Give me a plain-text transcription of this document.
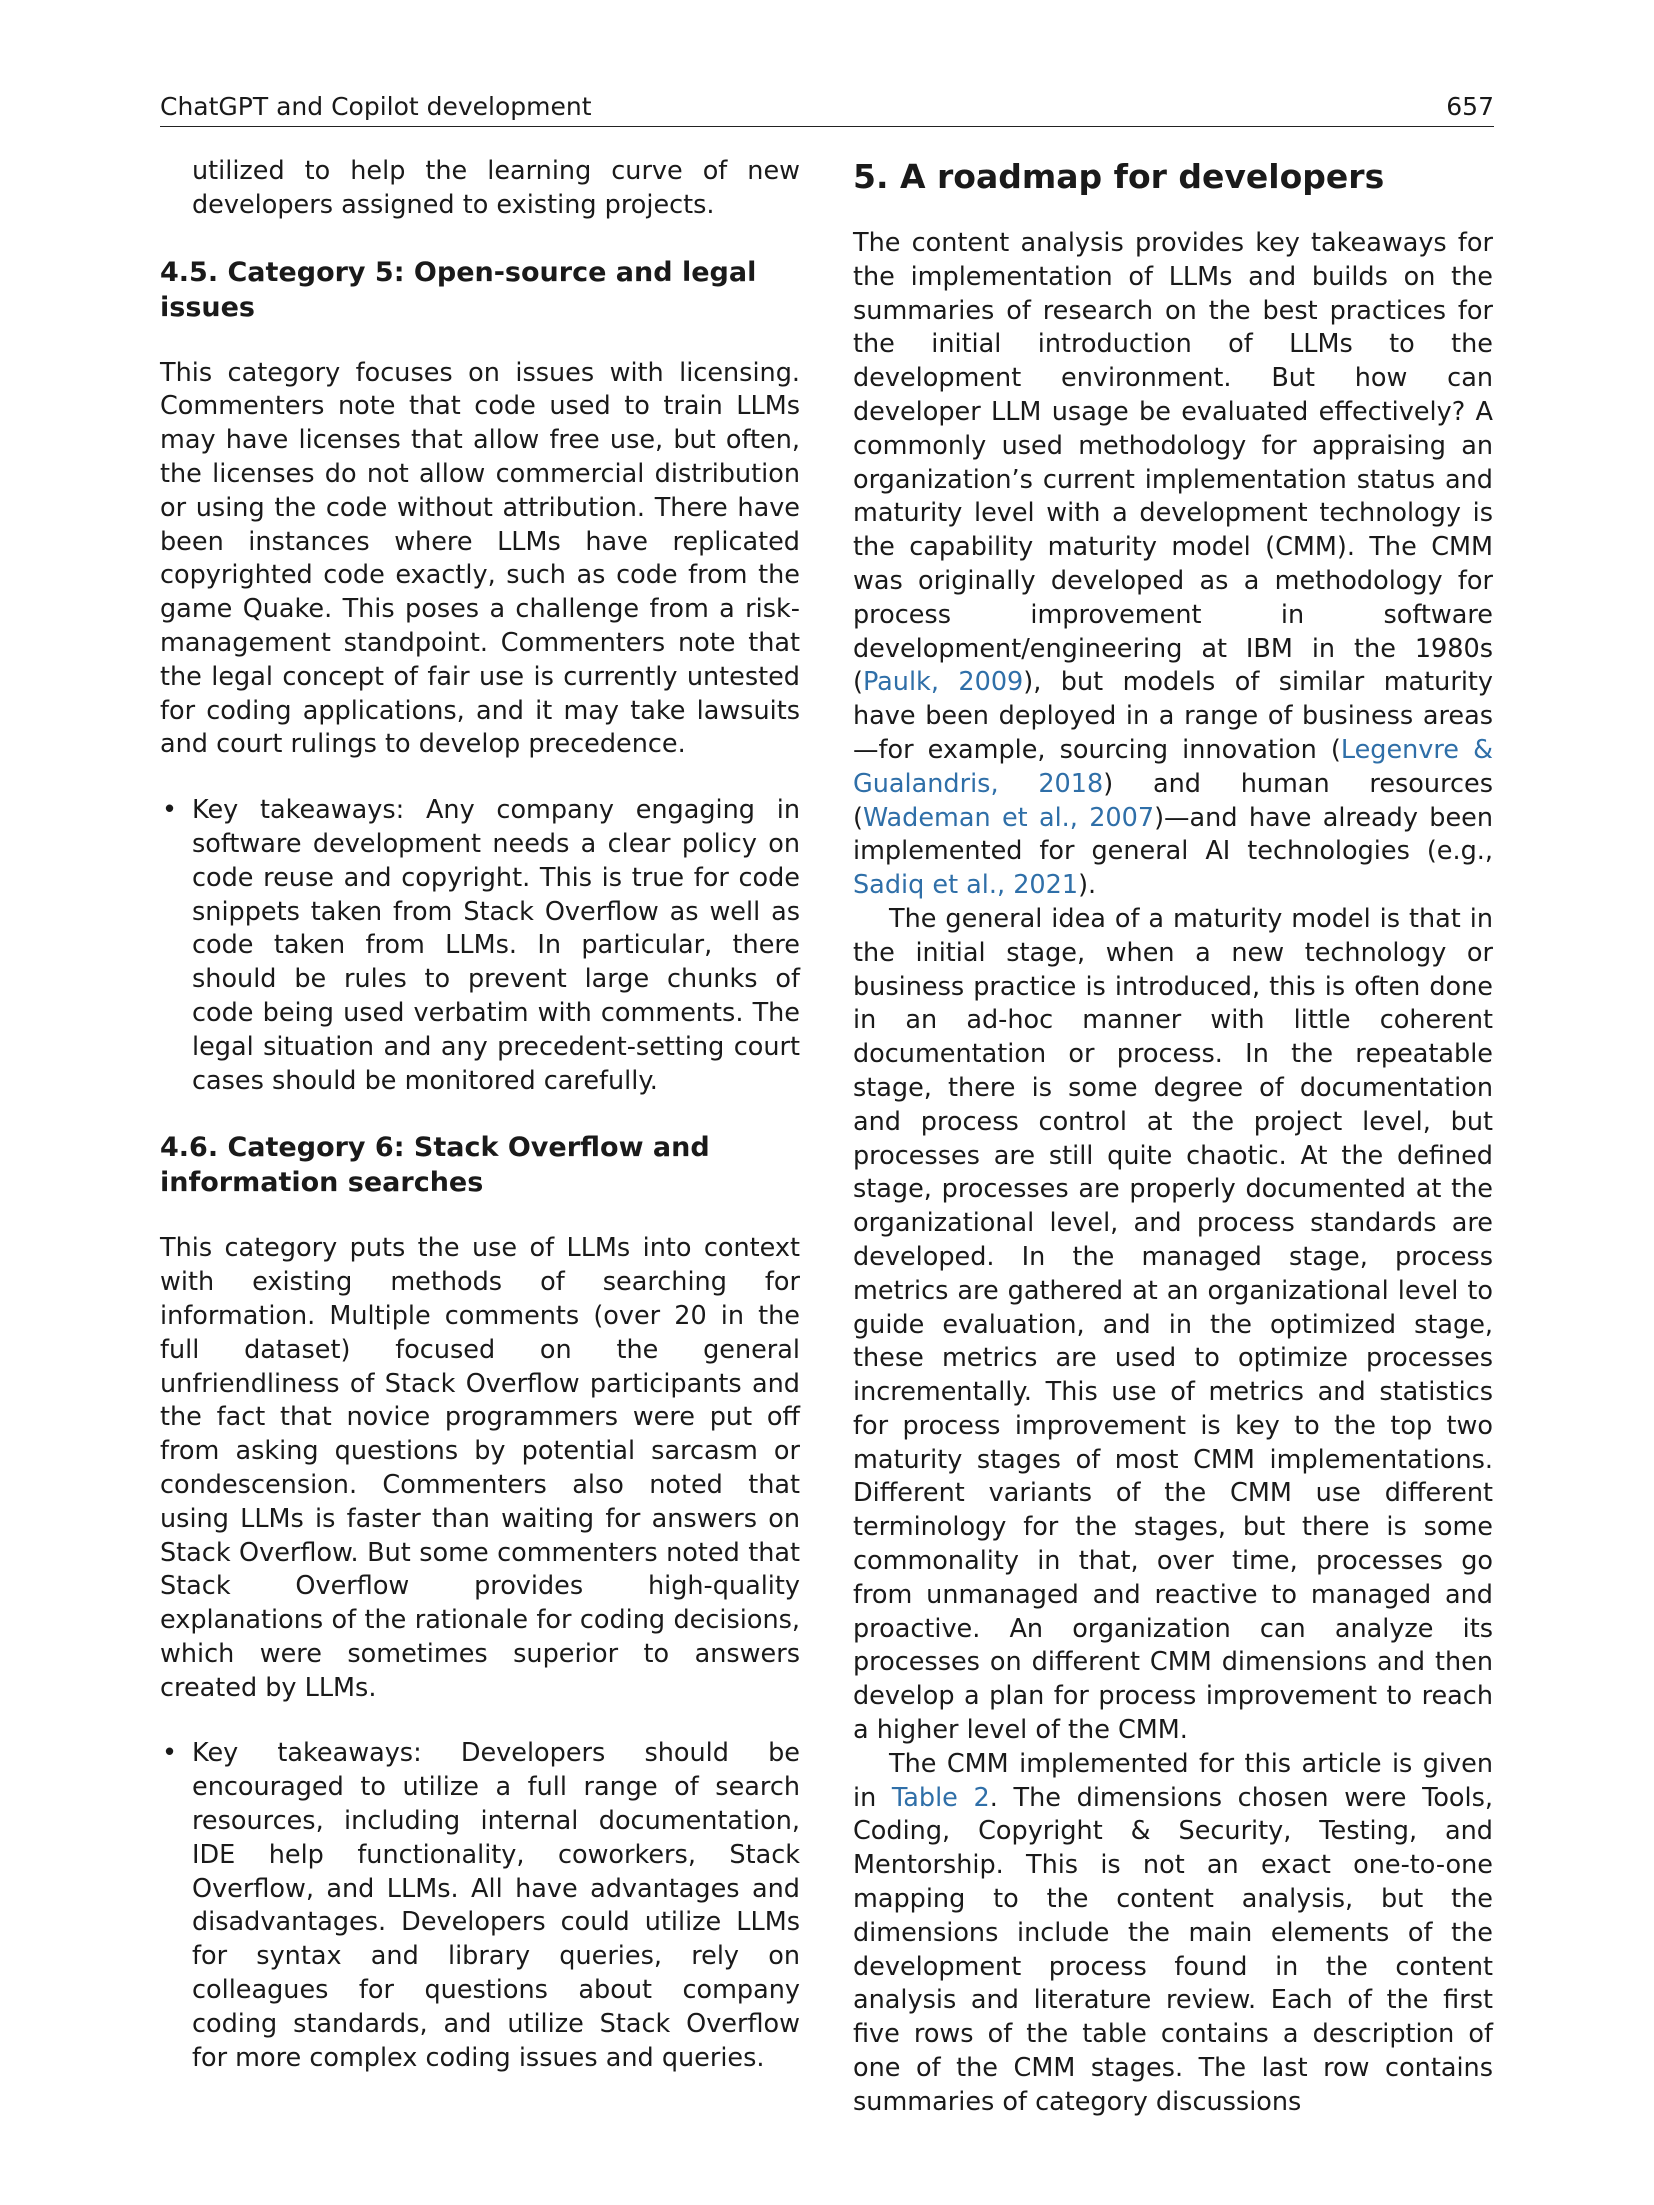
ChatGPT and Copilot development	657

utilized to help the learning curve of new developers assigned to existing projects.

4.5. Category 5: Open-source and legal issues

This category focuses on issues with licensing. Commenters note that code used to train LLMs may have licenses that allow free use, but often, the licenses do not allow commercial distribution or using the code without attribution. There have been instances where LLMs have replicated copyrighted code exactly, such as code from the game Quake. This poses a challenge from a risk-management standpoint. Commenters note that the legal concept of fair use is currently untested for coding applications, and it may take lawsuits and court rulings to develop precedence.

• Key takeaways: Any company engaging in software development needs a clear policy on code reuse and copyright. This is true for code snippets taken from Stack Overflow as well as code taken from LLMs. In particular, there should be rules to prevent large chunks of code being used verbatim with comments. The legal situation and any precedent-setting court cases should be monitored carefully.
4.6. Category 6: Stack Overflow and information searches

This category puts the use of LLMs into context with existing methods of searching for information. Multiple comments (over 20 in the full dataset) focused on the general unfriendliness of Stack Overflow participants and the fact that novice programmers were put off from asking questions by potential sarcasm or condescension. Commenters also noted that using LLMs is faster than waiting for answers on Stack Overflow. But some commenters noted that Stack Overflow provides high-quality explanations of the rationale for coding decisions, which were sometimes superior to answers created by LLMs.

• Key takeaways: Developers should be encouraged to utilize a full range of search resources, including internal documentation, IDE help functionality, coworkers, Stack Overflow, and LLMs. All have advantages and disadvantages. Developers could utilize LLMs for syntax and library queries, rely on colleagues for questions about company coding standards, and utilize Stack Overflow for more complex coding issues and queries.
5. A roadmap for developers

The content analysis provides key takeaways for the implementation of LLMs and builds on the summaries of research on the best practices for the initial introduction of LLMs to the development environment. But how can developer LLM usage be evaluated effectively? A commonly used methodology for appraising an organization’s current implementation status and maturity level with a development technology is the capability maturity model (CMM). The CMM was originally developed as a methodology for process improvement in software development/engineering at IBM in the 1980s (Paulk, 2009), but models of similar maturity have been deployed in a range of business areas—for example, sourcing innovation (Legenvre & Gualandris, 2018) and human resources (Wademan et al., 2007)—and have already been implemented for general AI technologies (e.g., Sadiq et al., 2021).

The general idea of a maturity model is that in the initial stage, when a new technology or business practice is introduced, this is often done in an ad-hoc manner with little coherent documentation or process. In the repeatable stage, there is some degree of documentation and process control at the project level, but processes are still quite chaotic. At the defined stage, processes are properly documented at the organizational level, and process standards are developed. In the managed stage, process metrics are gathered at an organizational level to guide evaluation, and in the optimized stage, these metrics are used to optimize processes incrementally. This use of metrics and statistics for process improvement is key to the top two maturity stages of most CMM implementations. Different variants of the CMM use different terminology for the stages, but there is some commonality in that, over time, processes go from unmanaged and reactive to managed and proactive. An organization can analyze its processes on different CMM dimensions and then develop a plan for process improvement to reach a higher level of the CMM.

The CMM implemented for this article is given in Table 2. The dimensions chosen were Tools, Coding, Copyright & Security, Testing, and Mentorship. This is not an exact one-to-one mapping to the content analysis, but the dimensions include the main elements of the development process found in the content analysis and literature review. Each of the first five rows of the table contains a description of one of the CMM stages. The last row contains summaries of category discussions
